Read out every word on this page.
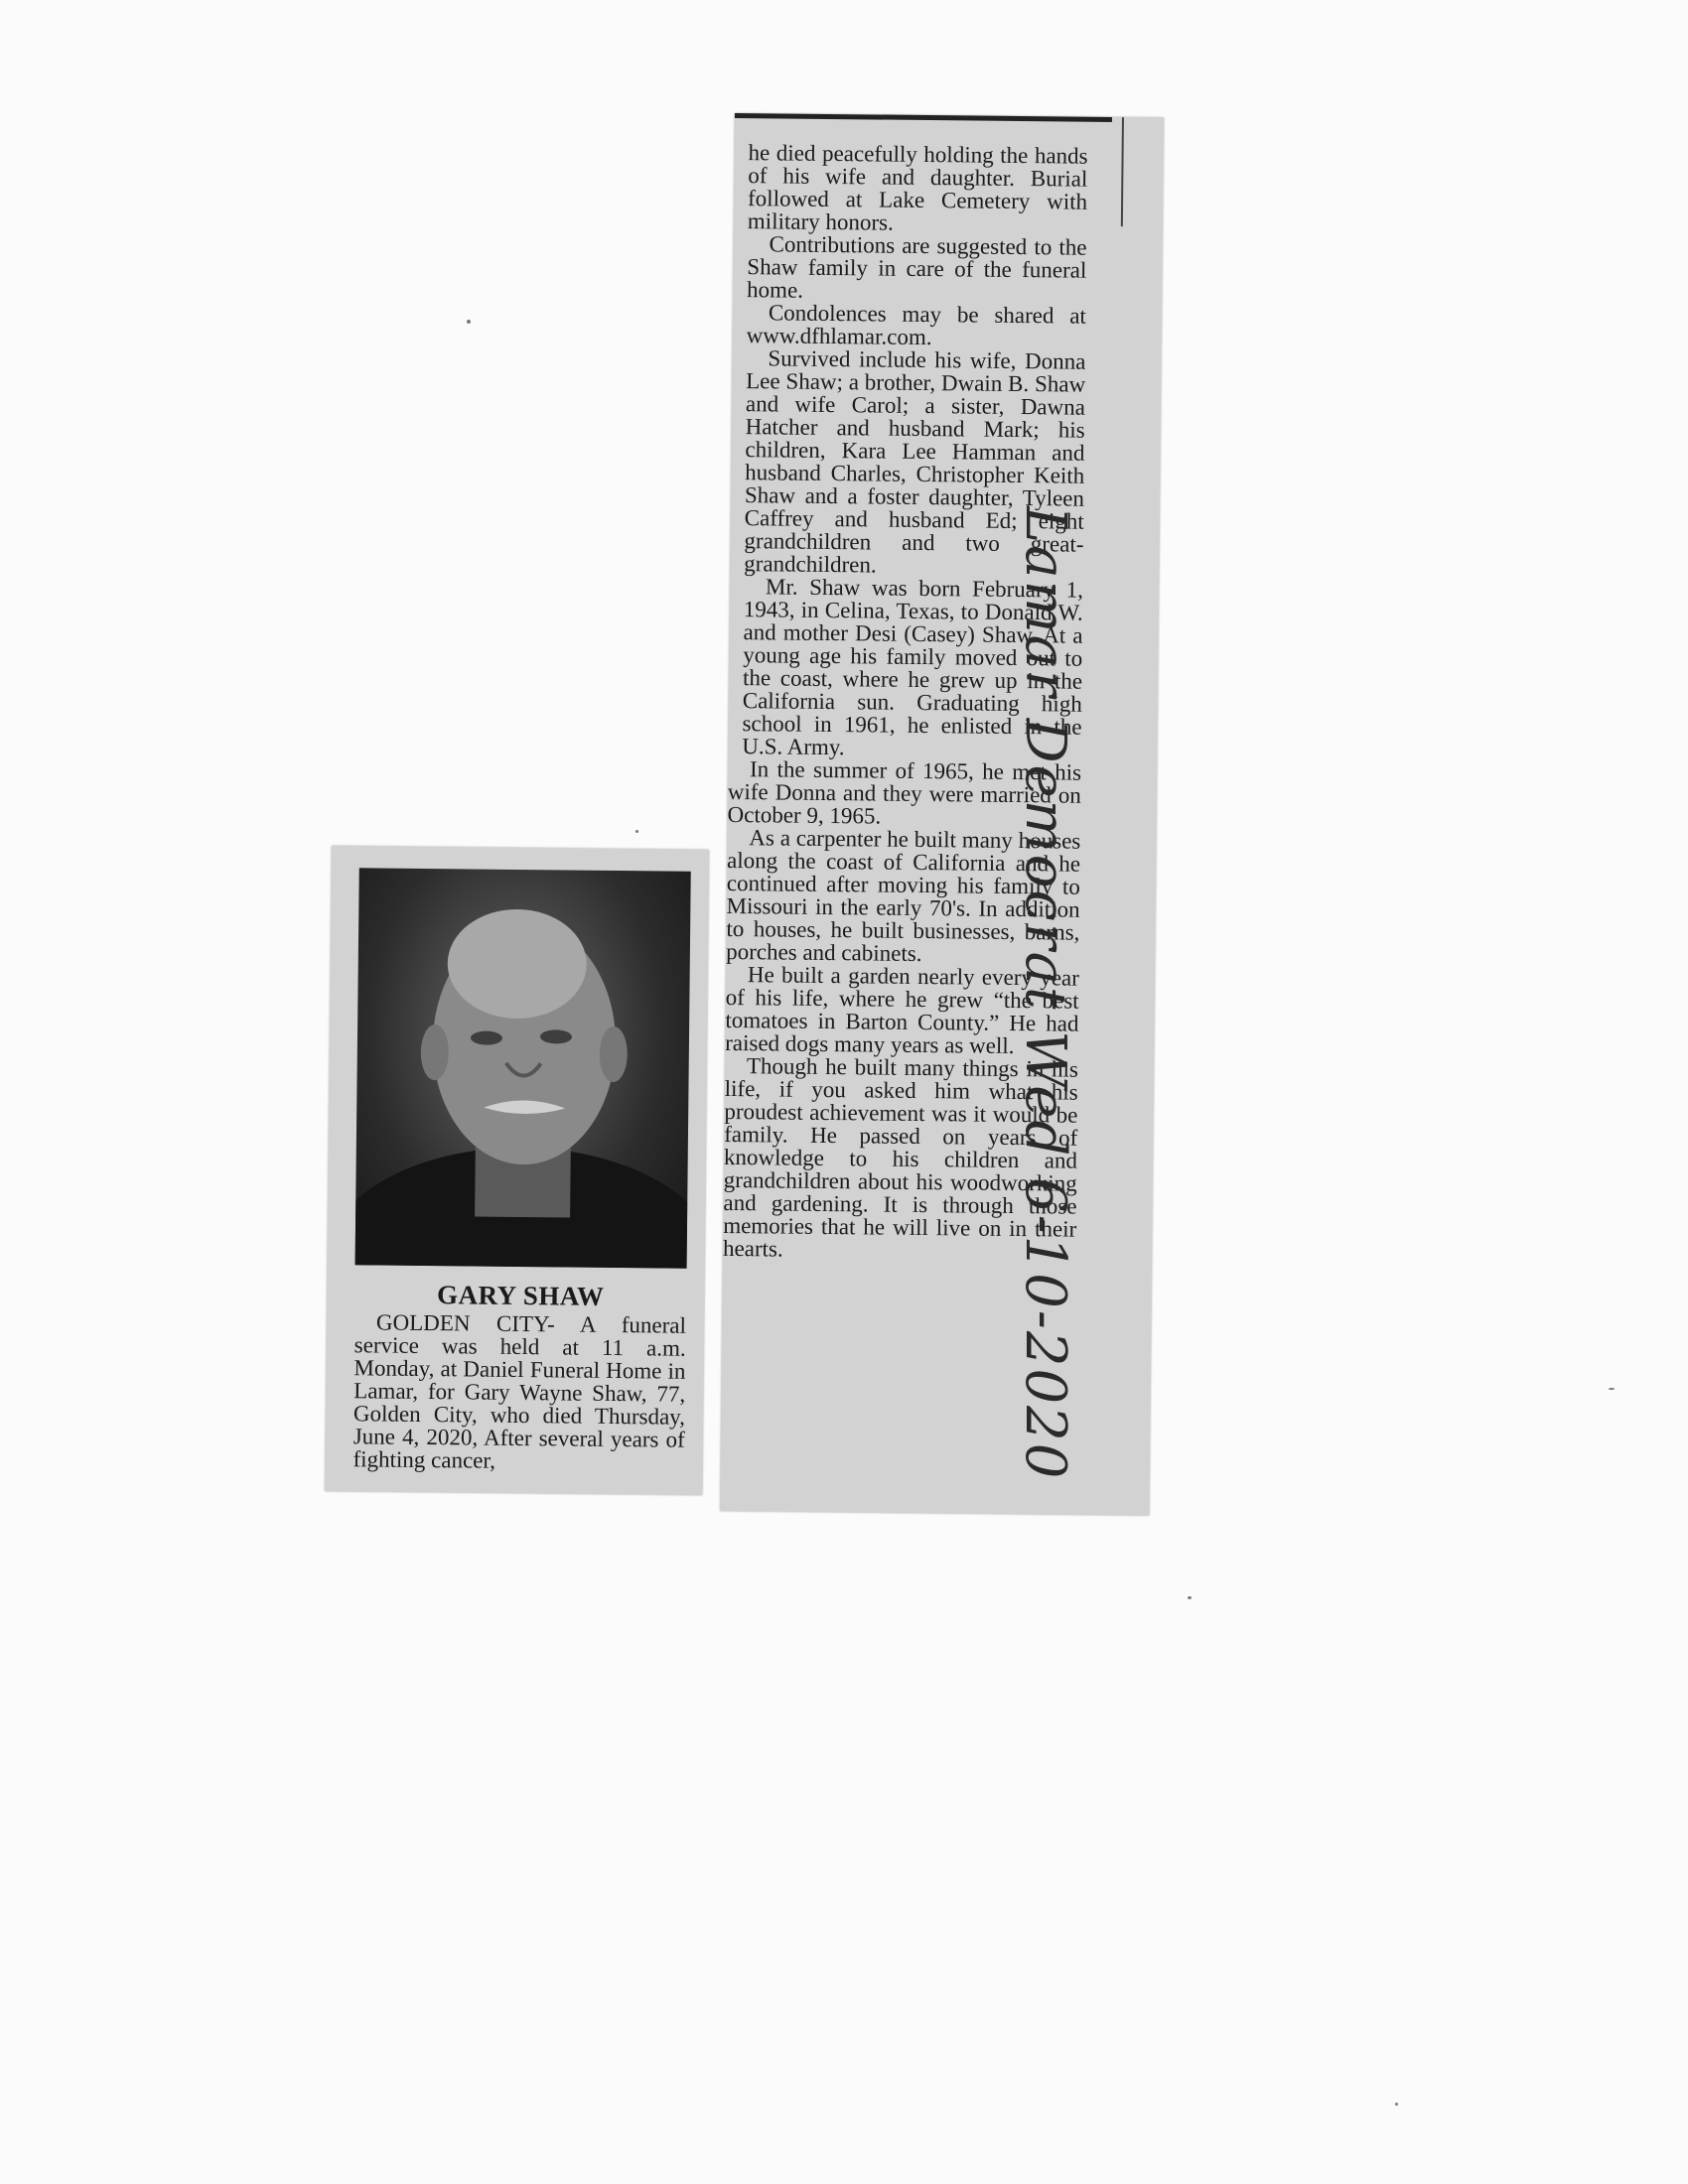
he died peacefully holding the hands of his wife and daughter. Burial followed at Lake Cemetery with military honors.

Contributions are suggested to the Shaw family in care of the funeral home.

Condolences may be shared at www.dfhlamar.com.

Survived include his wife, Donna Lee Shaw; a brother, Dwain B. Shaw and wife Carol; a sister, Dawna Hatcher and husband Mark; his children, Kara Lee Hamman and husband Charles, Christopher Keith Shaw and a foster daughter, Tyleen Caffrey and husband Ed; eight grandchildren and two great-grandchildren.

Mr. Shaw was born February 1, 1943, in Celina, Texas, to Donald W. and mother Desi (Casey) Shaw. At a young age his family moved out to the coast, where he grew up in the California sun. Graduating high school in 1961, he enlisted in the U.S. Army.

In the summer of 1965, he met his wife Donna and they were married on October 9, 1965.

As a carpenter he built many houses along the coast of California and he continued after moving his family to Missouri in the early 70's. In addition to houses, he built businesses, barns, porches and cabinets.

He built a garden nearly every year of his life, where he grew “the best tomatoes in Barton County.” He had raised dogs many years as well.

Though he built many things in his life, if you asked him what his proudest achievement was it would be family. He passed on years of knowledge to his children and grandchildren about his woodworking and gardening. It is through those memories that he will live on in their hearts.

GARY SHAW

GOLDEN CITY- A funeral service was held at 11 a.m. Monday, at Daniel Funeral Home in Lamar, for Gary Wayne Shaw, 77, Golden City, who died Thursday, June 4, 2020, After several years of fighting cancer,	Lamar Democrat Wed 6-10-2020
